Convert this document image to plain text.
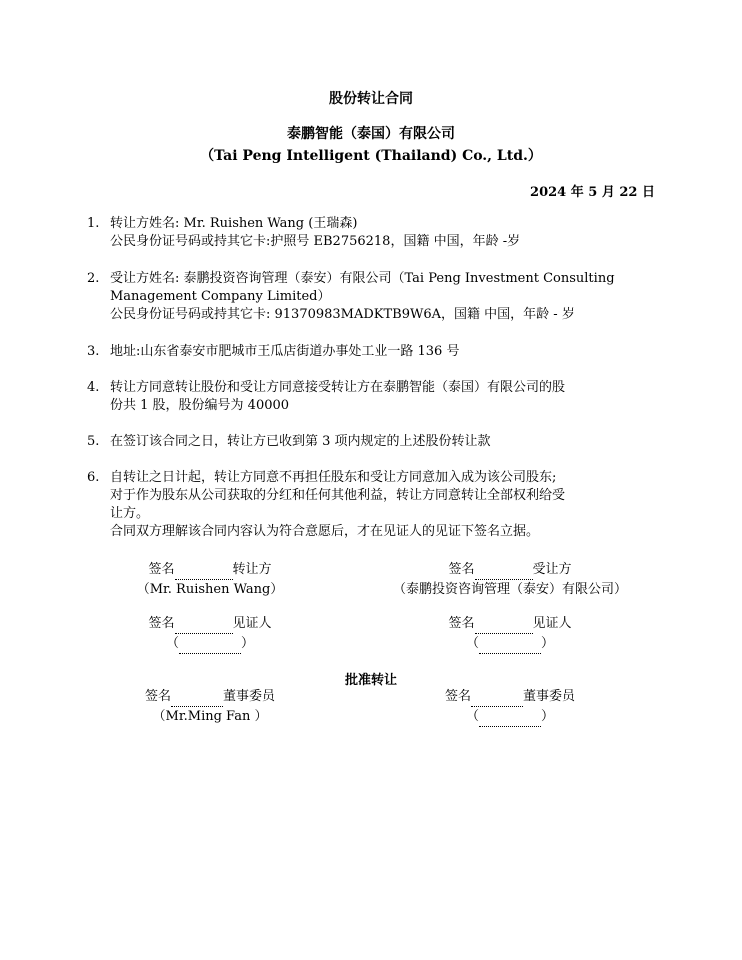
股份转让合同
泰鹏智能（泰国）有限公司
（Tai Peng Intelligent (Thailand) Co., Ltd.）
2024 年 5 月 22 日
1. 转让方姓名: Mr. Ruishen Wang (王瑞森)
公民身份证号码或持其它卡:护照号 EB2756218，国籍 中国，年龄 -岁
2. 受让方姓名: 泰鹏投资咨询管理（泰安）有限公司（Tai Peng Investment Consulting
Management Company Limited）
公民身份证号码或持其它卡: 91370983MADKTB9W6A，国籍 中国，年龄 - 岁
3. 地址:山东省泰安市肥城市王瓜店街道办事处工业一路 136 号
4. 转让方同意转让股份和受让方同意接受转让方在泰鹏智能（泰国）有限公司的股
份共 1 股，股份编号为 40000
5. 在签订该合同之日，转让方已收到第 3 项内规定的上述股份转让款
6. 自转让之日计起，转让方同意不再担任股东和受让方同意加入成为该公司股东;
对于作为股东从公司获取的分红和任何其他利益，转让方同意转让全部权利给受
让方。
合同双方理解该合同内容认为符合意愿后，才在见证人的见证下签名立据。
签名	转让方
（Mr. Ruishen Wang）
签名	受让方
（泰鹏投资咨询管理（泰安）有限公司）
签名	见证人
（	）
签名	见证人
（	）
批准转让
签名	董事委员
（Mr.Ming Fan ）
签名	董事委员
（	）
